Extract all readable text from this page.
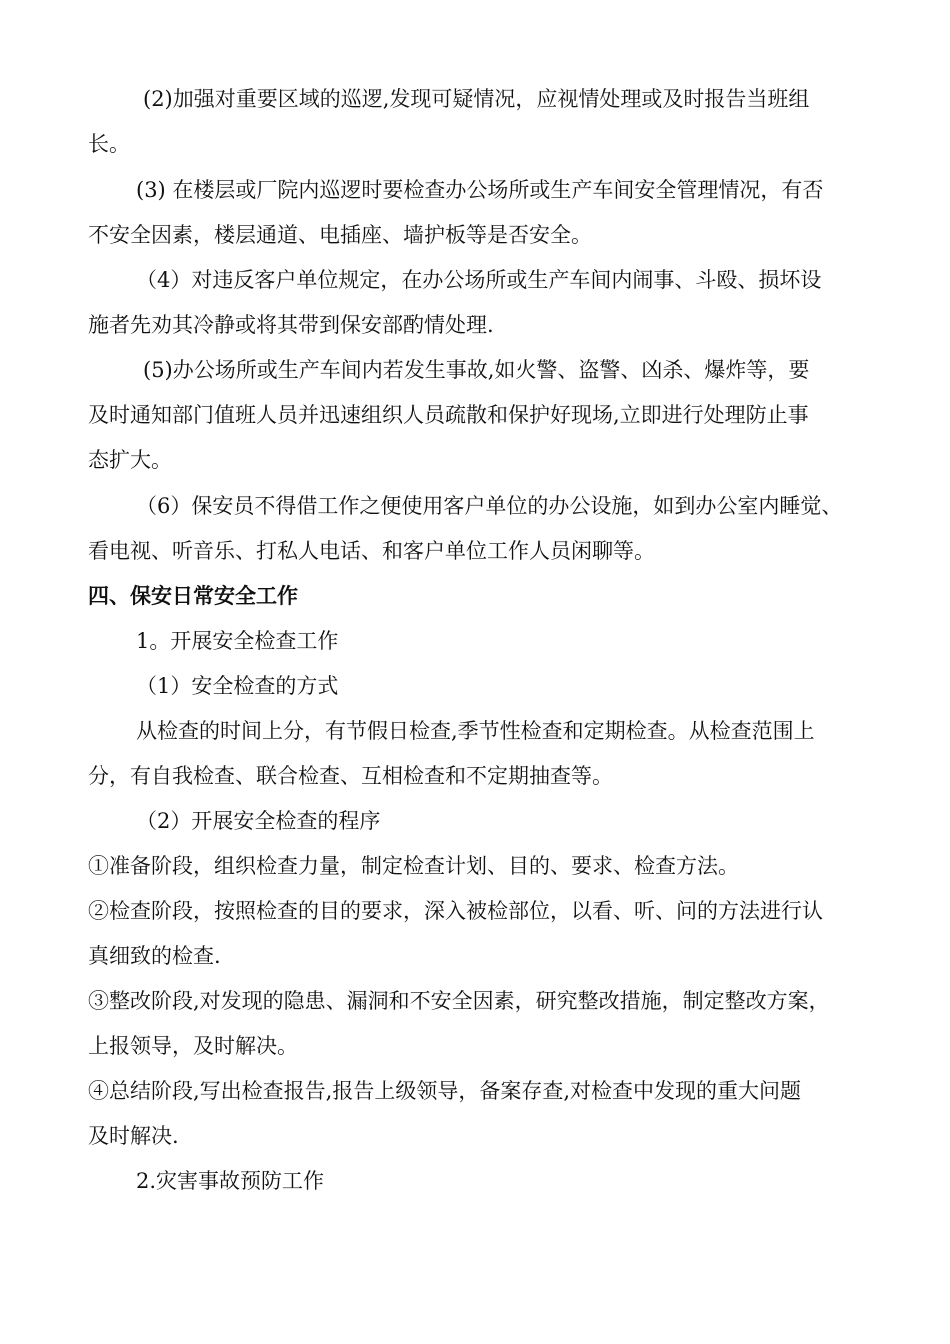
(2)加强对重要区域的巡逻,发现可疑情况，应视情处理或及时报告当班组
长。

(3) 在楼层或厂院内巡逻时要检查办公场所或生产车间安全管理情况，有否
不安全因素，楼层通道、电插座、墙护板等是否安全。

（4）对违反客户单位规定，在办公场所或生产车间内闹事、斗殴、损坏设
施者先劝其冷静或将其带到保安部酌情处理.

(5)办公场所或生产车间内若发生事故,如火警、盗警、凶杀、爆炸等，要
及时通知部门值班人员并迅速组织人员疏散和保护好现场,立即进行处理防止事
态扩大。

（6）保安员不得借工作之便使用客户单位的办公设施，如到办公室内睡觉、
看电视、听音乐、打私人电话、和客户单位工作人员闲聊等。

四、保安日常安全工作

1。开展安全检查工作

（1）安全检查的方式

从检查的时间上分，有节假日检查,季节性检查和定期检查。从检查范围上
分，有自我检查、联合检查、互相检查和不定期抽查等。

（2）开展安全检查的程序

①准备阶段，组织检查力量，制定检查计划、目的、要求、检查方法。

②检查阶段，按照检查的目的要求，深入被检部位，以看、听、问的方法进行认
真细致的检查.

③整改阶段,对发现的隐患、漏洞和不安全因素，研究整改措施，制定整改方案，
上报领导，及时解决。

④总结阶段,写出检查报告,报告上级领导，备案存查,对检查中发现的重大问题
及时解决.

2.灾害事故预防工作
